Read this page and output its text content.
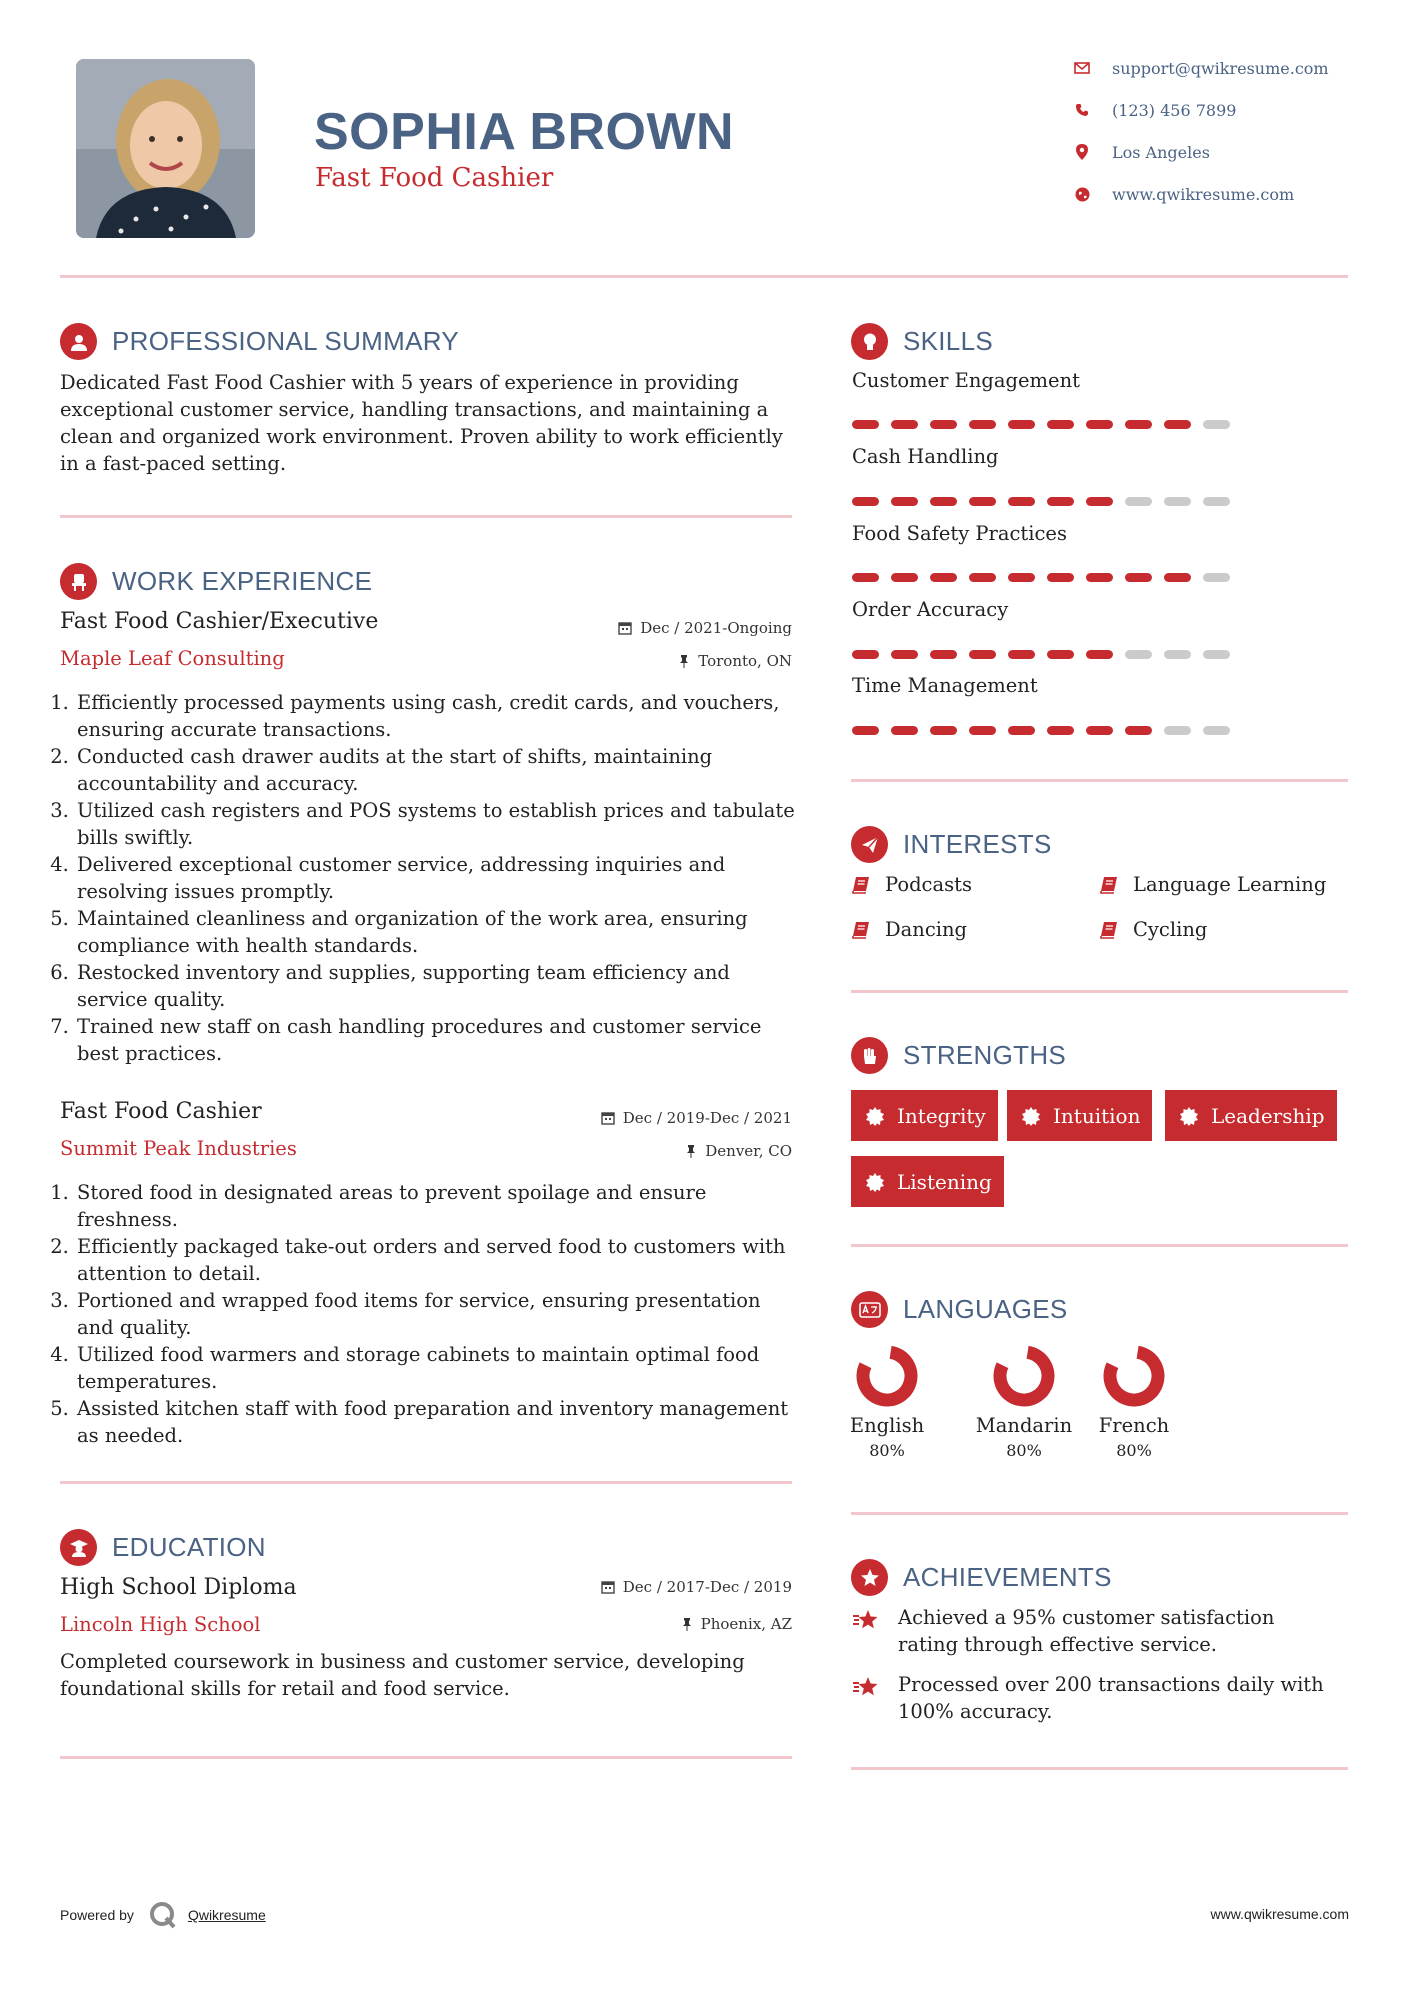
SOPHIA BROWN
Fast Food Cashier
support@qwikresume.com
(123) 456 7899
Los Angeles
www.qwikresume.com
PROFESSIONAL SUMMARY
Dedicated Fast Food Cashier with 5 years of experience in providing exceptional customer service, handling transactions, and maintaining a clean and organized work environment. Proven ability to work efficiently in a fast-paced setting.
WORK EXPERIENCE
Fast Food Cashier/Executive	Dec / 2021-Ongoing
Maple Leaf Consulting	Toronto, ON
1. Efficiently processed payments using cash, credit cards, and vouchers, ensuring accurate transactions.
2. Conducted cash drawer audits at the start of shifts, maintaining accountability and accuracy.
3. Utilized cash registers and POS systems to establish prices and tabulate bills swiftly.
4. Delivered exceptional customer service, addressing inquiries and resolving issues promptly.
5. Maintained cleanliness and organization of the work area, ensuring compliance with health standards.
6. Restocked inventory and supplies, supporting team efficiency and service quality.
7. Trained new staff on cash handling procedures and customer service best practices.
Fast Food Cashier	Dec / 2019-Dec / 2021
Summit Peak Industries	Denver, CO
1. Stored food in designated areas to prevent spoilage and ensure freshness.
2. Efficiently packaged take-out orders and served food to customers with attention to detail.
3. Portioned and wrapped food items for service, ensuring presentation and quality.
4. Utilized food warmers and storage cabinets to maintain optimal food temperatures.
5. Assisted kitchen staff with food preparation and inventory management as needed.
EDUCATION
High School Diploma	Dec / 2017-Dec / 2019
Lincoln High School	Phoenix, AZ
Completed coursework in business and customer service, developing foundational skills for retail and food service.
SKILLS
Customer Engagement
Cash Handling
Food Safety Practices
Order Accuracy
Time Management
INTERESTS
Podcasts	Language Learning
Dancing	Cycling
STRENGTHS
Integrity	Intuition	Leadership
Listening
LANGUAGES
English
80%
Mandarin
80%
French
80%
ACHIEVEMENTS
Achieved a 95% customer satisfaction rating through effective service.
Processed over 200 transactions daily with 100% accuracy.
Powered by	Qwikresume	www.qwikresume.com
